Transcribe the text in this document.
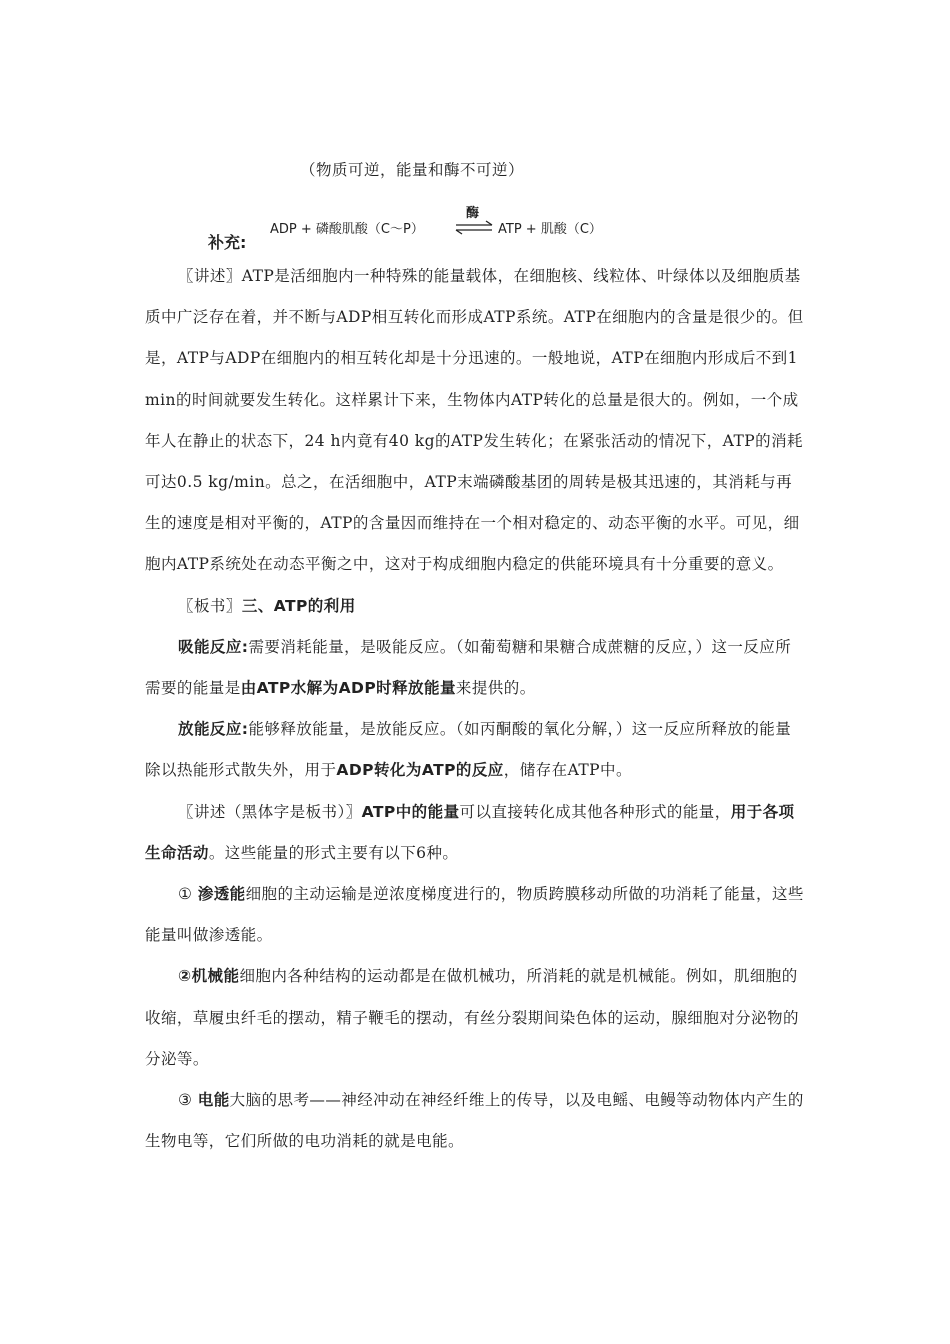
（物质可逆，能量和酶不可逆）
补充:
ADP + 磷酸肌酸（C～P）
酶
⇌ ATP + 肌酸（C）

〖讲述〗ATP是活细胞内一种特殊的能量载体，在细胞核、线粒体、叶绿体以及细胞质基质中广泛存在着，并不断与ADP相互转化而形成ATP系统。ATP在细胞内的含量是很少的。但是，ATP与ADP在细胞内的相互转化却是十分迅速的。一般地说，ATP在细胞内形成后不到1 min的时间就要发生转化。这样累计下来，生物体内ATP转化的总量是很大的。例如，一个成年人在静止的状态下，24 h内竟有40 kg的ATP发生转化；在紧张活动的情况下，ATP的消耗可达0.5 kg/min。总之，在活细胞中，ATP末端磷酸基团的周转是极其迅速的，其消耗与再生的速度是相对平衡的，ATP的含量因而维持在一个相对稳定的、动态平衡的水平。可见，细胞内ATP系统处在动态平衡之中，这对于构成细胞内稳定的供能环境具有十分重要的意义。

〖板书〗三、ATP的利用

吸能反应:需要消耗能量，是吸能反应。（如葡萄糖和果糖合成蔗糖的反应，）这一反应所需要的能量是由ATP水解为ADP时释放能量来提供的。

放能反应:能够释放能量，是放能反应。（如丙酮酸的氧化分解，）这一反应所释放的能量除以热能形式散失外，用于ADP转化为ATP的反应，储存在ATP中。

〖讲述（黑体字是板书）〗ATP中的能量可以直接转化成其他各种形式的能量，用于各项生命活动。这些能量的形式主要有以下6种。

① 渗透能细胞的主动运输是逆浓度梯度进行的，物质跨膜移动所做的功消耗了能量，这些能量叫做渗透能。

②机械能细胞内各种结构的运动都是在做机械功，所消耗的就是机械能。例如，肌细胞的收缩，草履虫纤毛的摆动，精子鞭毛的摆动，有丝分裂期间染色体的运动，腺细胞对分泌物的分泌等。

③ 电能大脑的思考——神经冲动在神经纤维上的传导，以及电鳐、电鳗等动物体内产生的生物电等，它们所做的电功消耗的就是电能。
